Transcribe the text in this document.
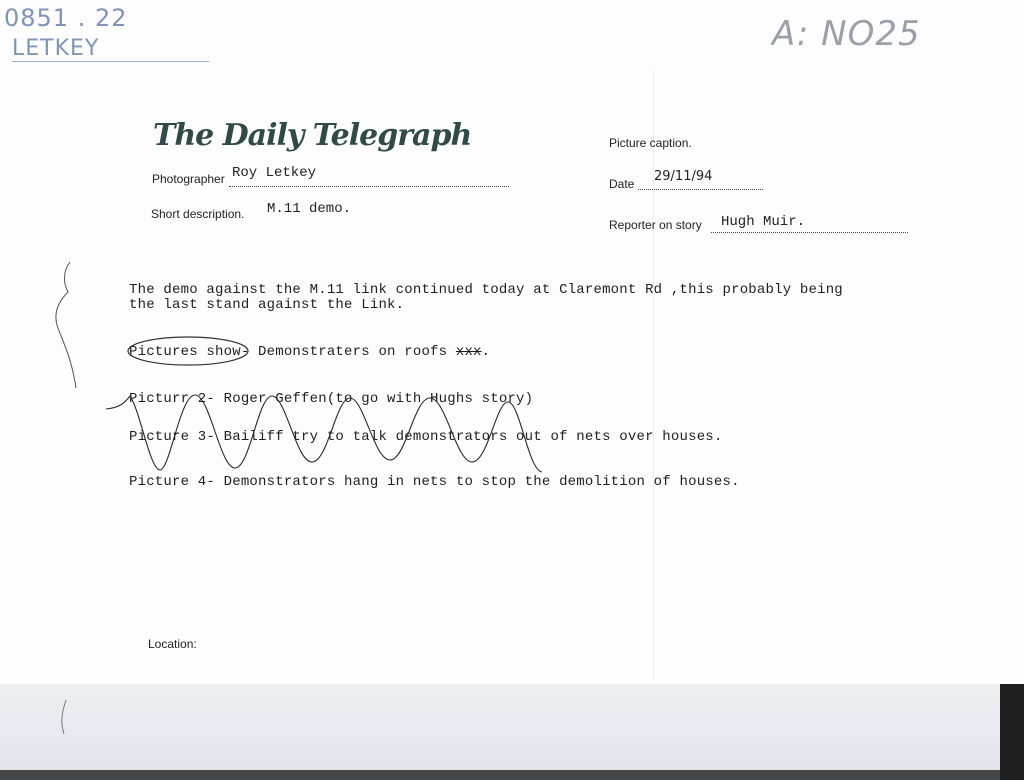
0851 . 22
LETKEY	A: NO25
The Daily Telegraph
Photographer Roy Letkey
Short description. M.11 demo.
Picture caption.
Date 29/11/94
Reporter on story Hugh Muir.
The demo against the M.11 link continued today at Claremont Rd ,this probably being
the last stand against the Link.
Pictures show- Demonstraters on roofs xxx.
Picturr 2- Roger Geffen(to go with Hughs story)
Picture 3- Bailiff try to talk demonstrators out of nets over houses.
Picture 4- Demonstrators hang in nets to stop the demolition of houses.
Location:
